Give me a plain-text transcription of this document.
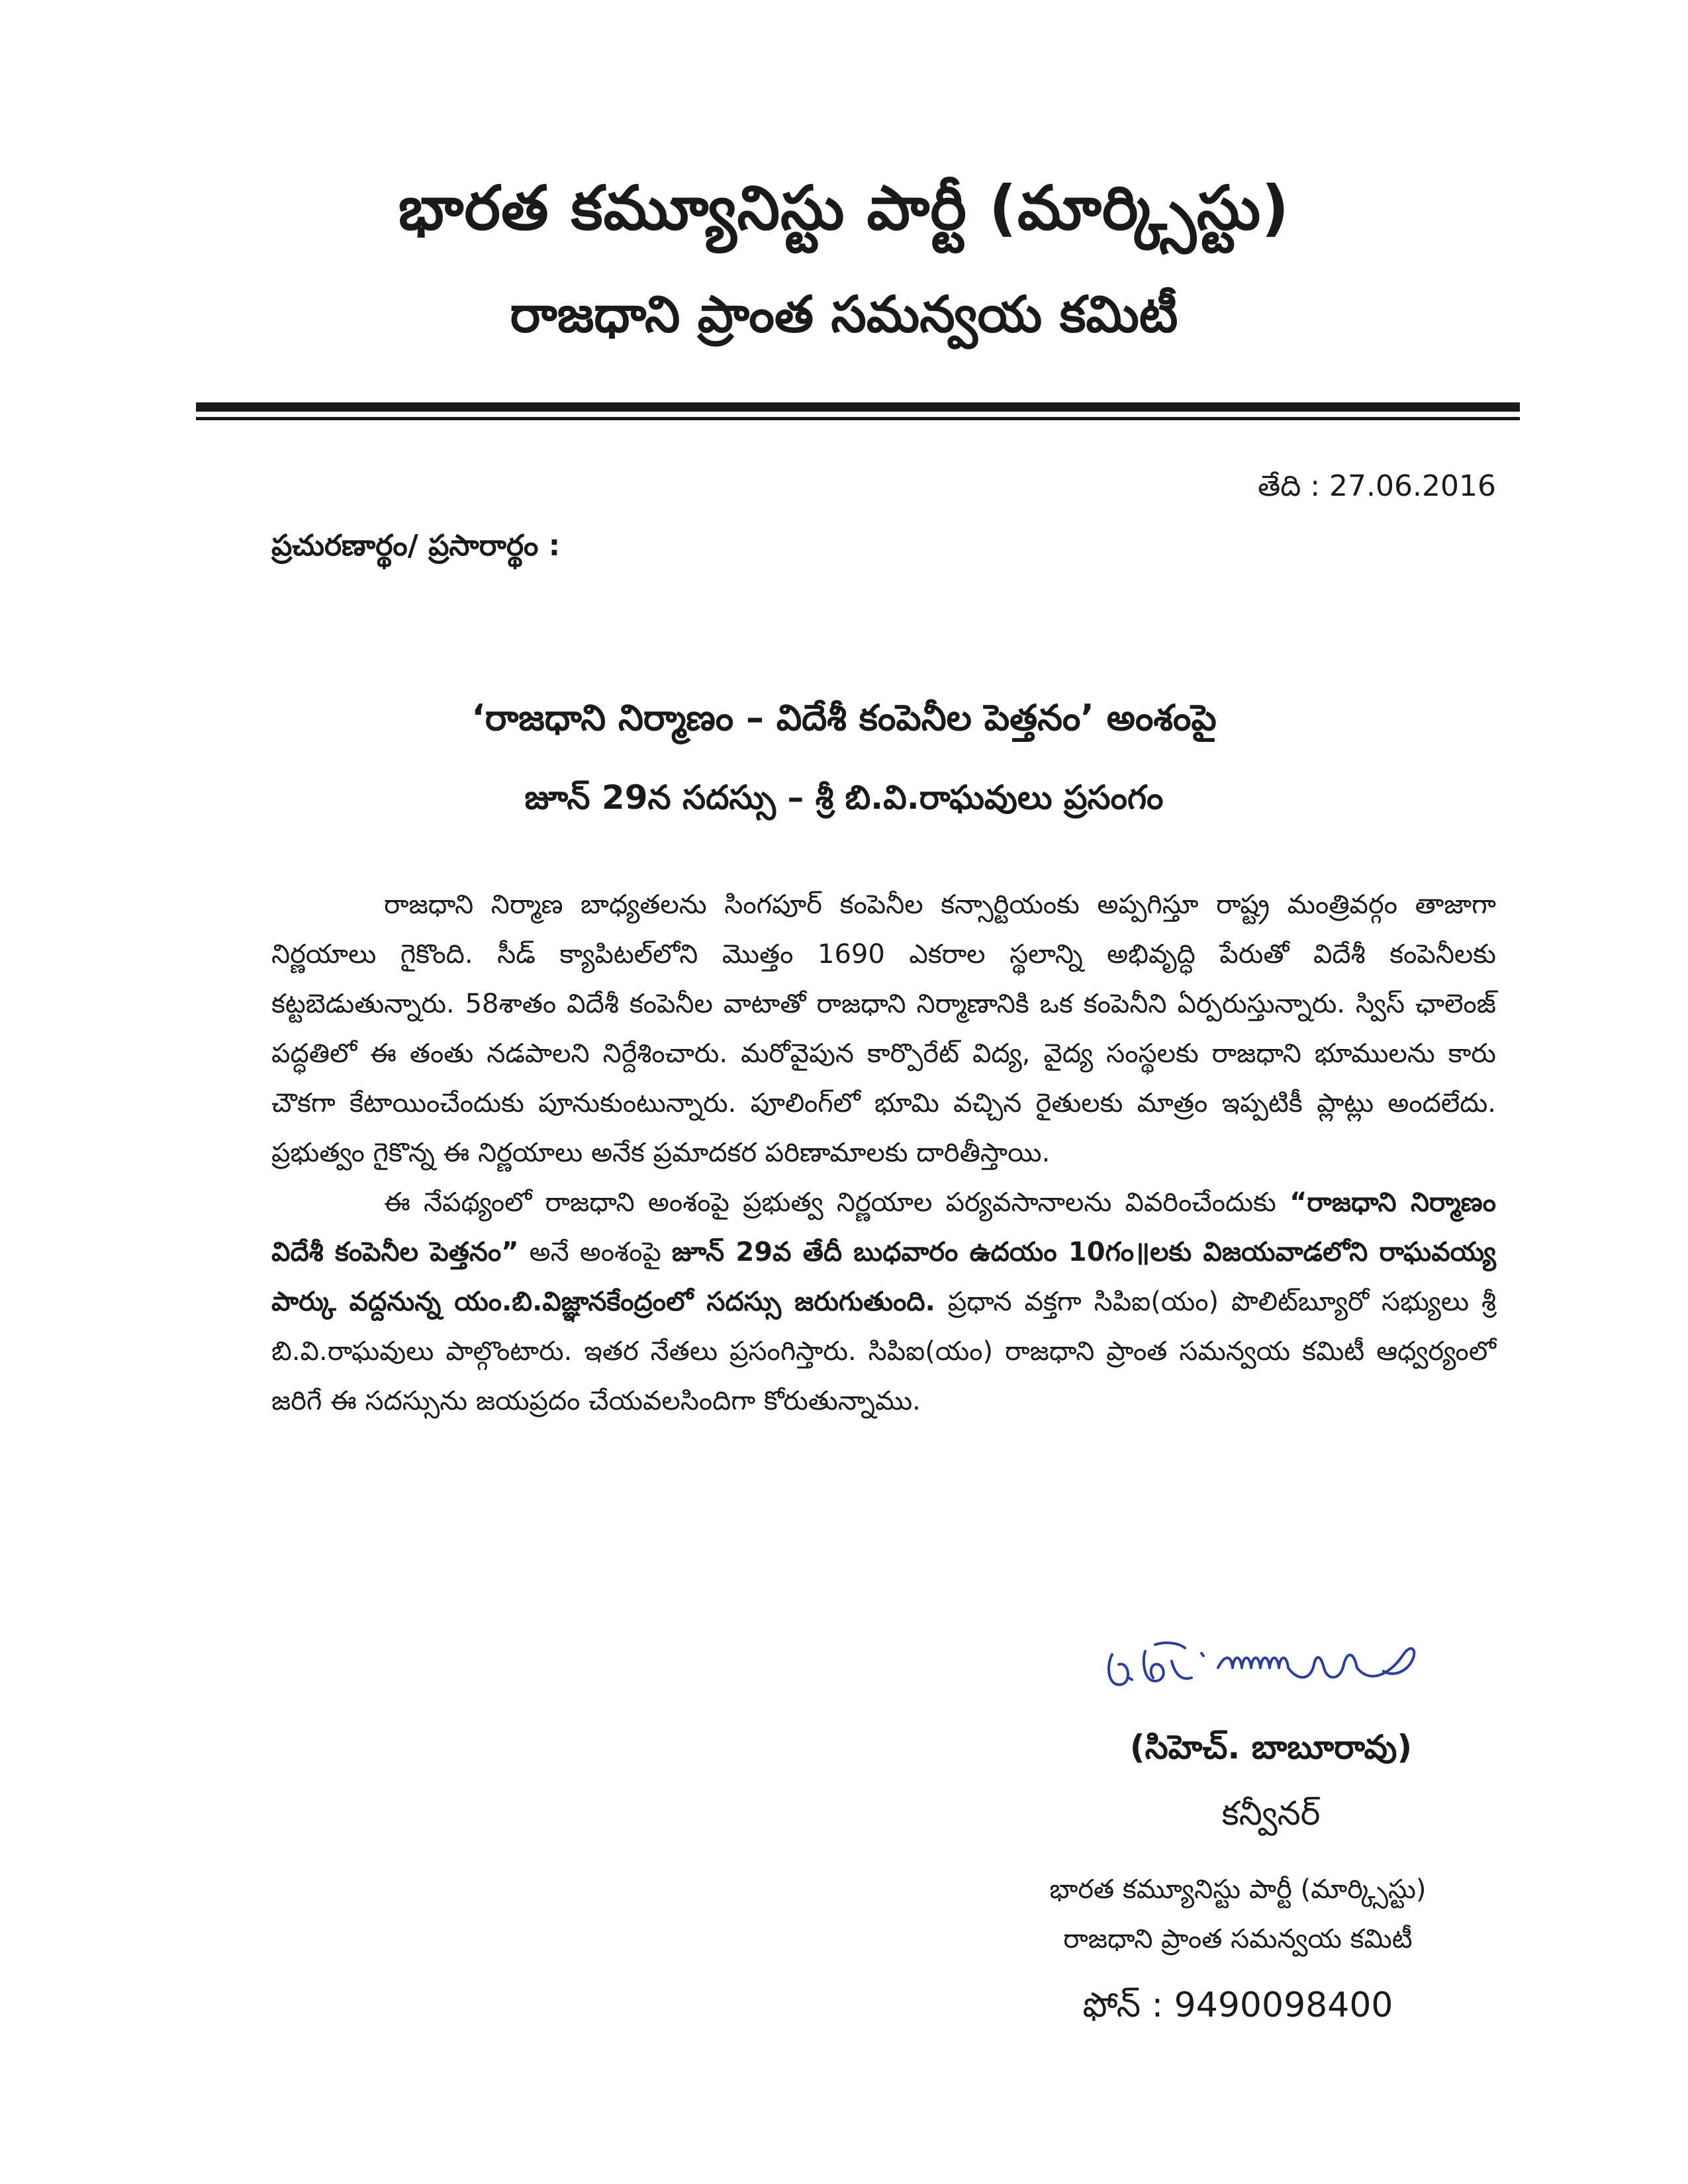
భారత కమ్యూనిస్టు పార్టీ (మార్క్సిస్టు)
రాజధాని ప్రాంత సమన్వయ కమిటీ
తేది : 27.06.2016
ప్రచురణార్థం/ ప్రసారార్థం :
‘రాజధాని నిర్మాణం – విదేశీ కంపెనీల పెత్తనం’ అంశంపై
జూన్ 29న సదస్సు – శ్రీ బి.వి.రాఘవులు ప్రసంగం

రాజధాని నిర్మాణ బాధ్యతలను సింగపూర్ కంపెనీల కన్సార్టియంకు అప్పగిస్తూ రాష్ట్ర మంత్రివర్గం తాజాగా నిర్ణయాలు గైకొంది. సీడ్ క్యాపిటల్‌లోని మొత్తం 1690 ఎకరాల స్థలాన్ని అభివృద్ధి పేరుతో విదేశీ కంపెనీలకు కట్టబెడుతున్నారు. 58శాతం విదేశీ కంపెనీల వాటాతో రాజధాని నిర్మాణానికి ఒక కంపెనీని ఏర్పరుస్తున్నారు. స్విస్ ఛాలెంజ్ పద్ధతిలో ఈ తంతు నడపాలని నిర్దేశించారు. మరోవైపున కార్పొరేట్ విద్య, వైద్య సంస్థలకు రాజధాని భూములను కారు చౌకగా కేటాయించేందుకు పూనుకుంటున్నారు. పూలింగ్‌లో భూమి వచ్చిన రైతులకు మాత్రం ఇప్పటికీ ప్లాట్లు అందలేదు. ప్రభుత్వం గైకొన్న ఈ నిర్ణయాలు అనేక ప్రమాదకర పరిణామాలకు దారితీస్తాయి.

ఈ నేపథ్యంలో రాజధాని అంశంపై ప్రభుత్వ నిర్ణయాల పర్యవసానాలను వివరించేందుకు “రాజధాని నిర్మాణం విదేశీ కంపెనీల పెత్తనం” అనే అంశంపై జూన్ 29వ తేదీ బుధవారం ఉదయం 10గం॥లకు విజయవాడలోని రాఘవయ్య పార్కు వద్దనున్న యం.బి.విజ్ఞానకేంద్రంలో సదస్సు జరుగుతుంది. ప్రధాన వక్తగా సిపిఐ(యం) పొలిట్‌బ్యూరో సభ్యులు శ్రీ బి.వి.రాఘవులు పాల్గొంటారు. ఇతర నేతలు ప్రసంగిస్తారు. సిపిఐ(యం) రాజధాని ప్రాంత సమన్వయ కమిటీ ఆధ్వర్యంలో జరిగే ఈ సదస్సును జయప్రదం చేయవలసిందిగా కోరుతున్నాము.

(సిహెచ్. బాబూరావు)
కన్వీనర్
భారత కమ్యూనిస్టు పార్టీ (మార్క్సిస్టు)
రాజధాని ప్రాంత సమన్వయ కమిటీ
ఫోన్ : 9490098400
